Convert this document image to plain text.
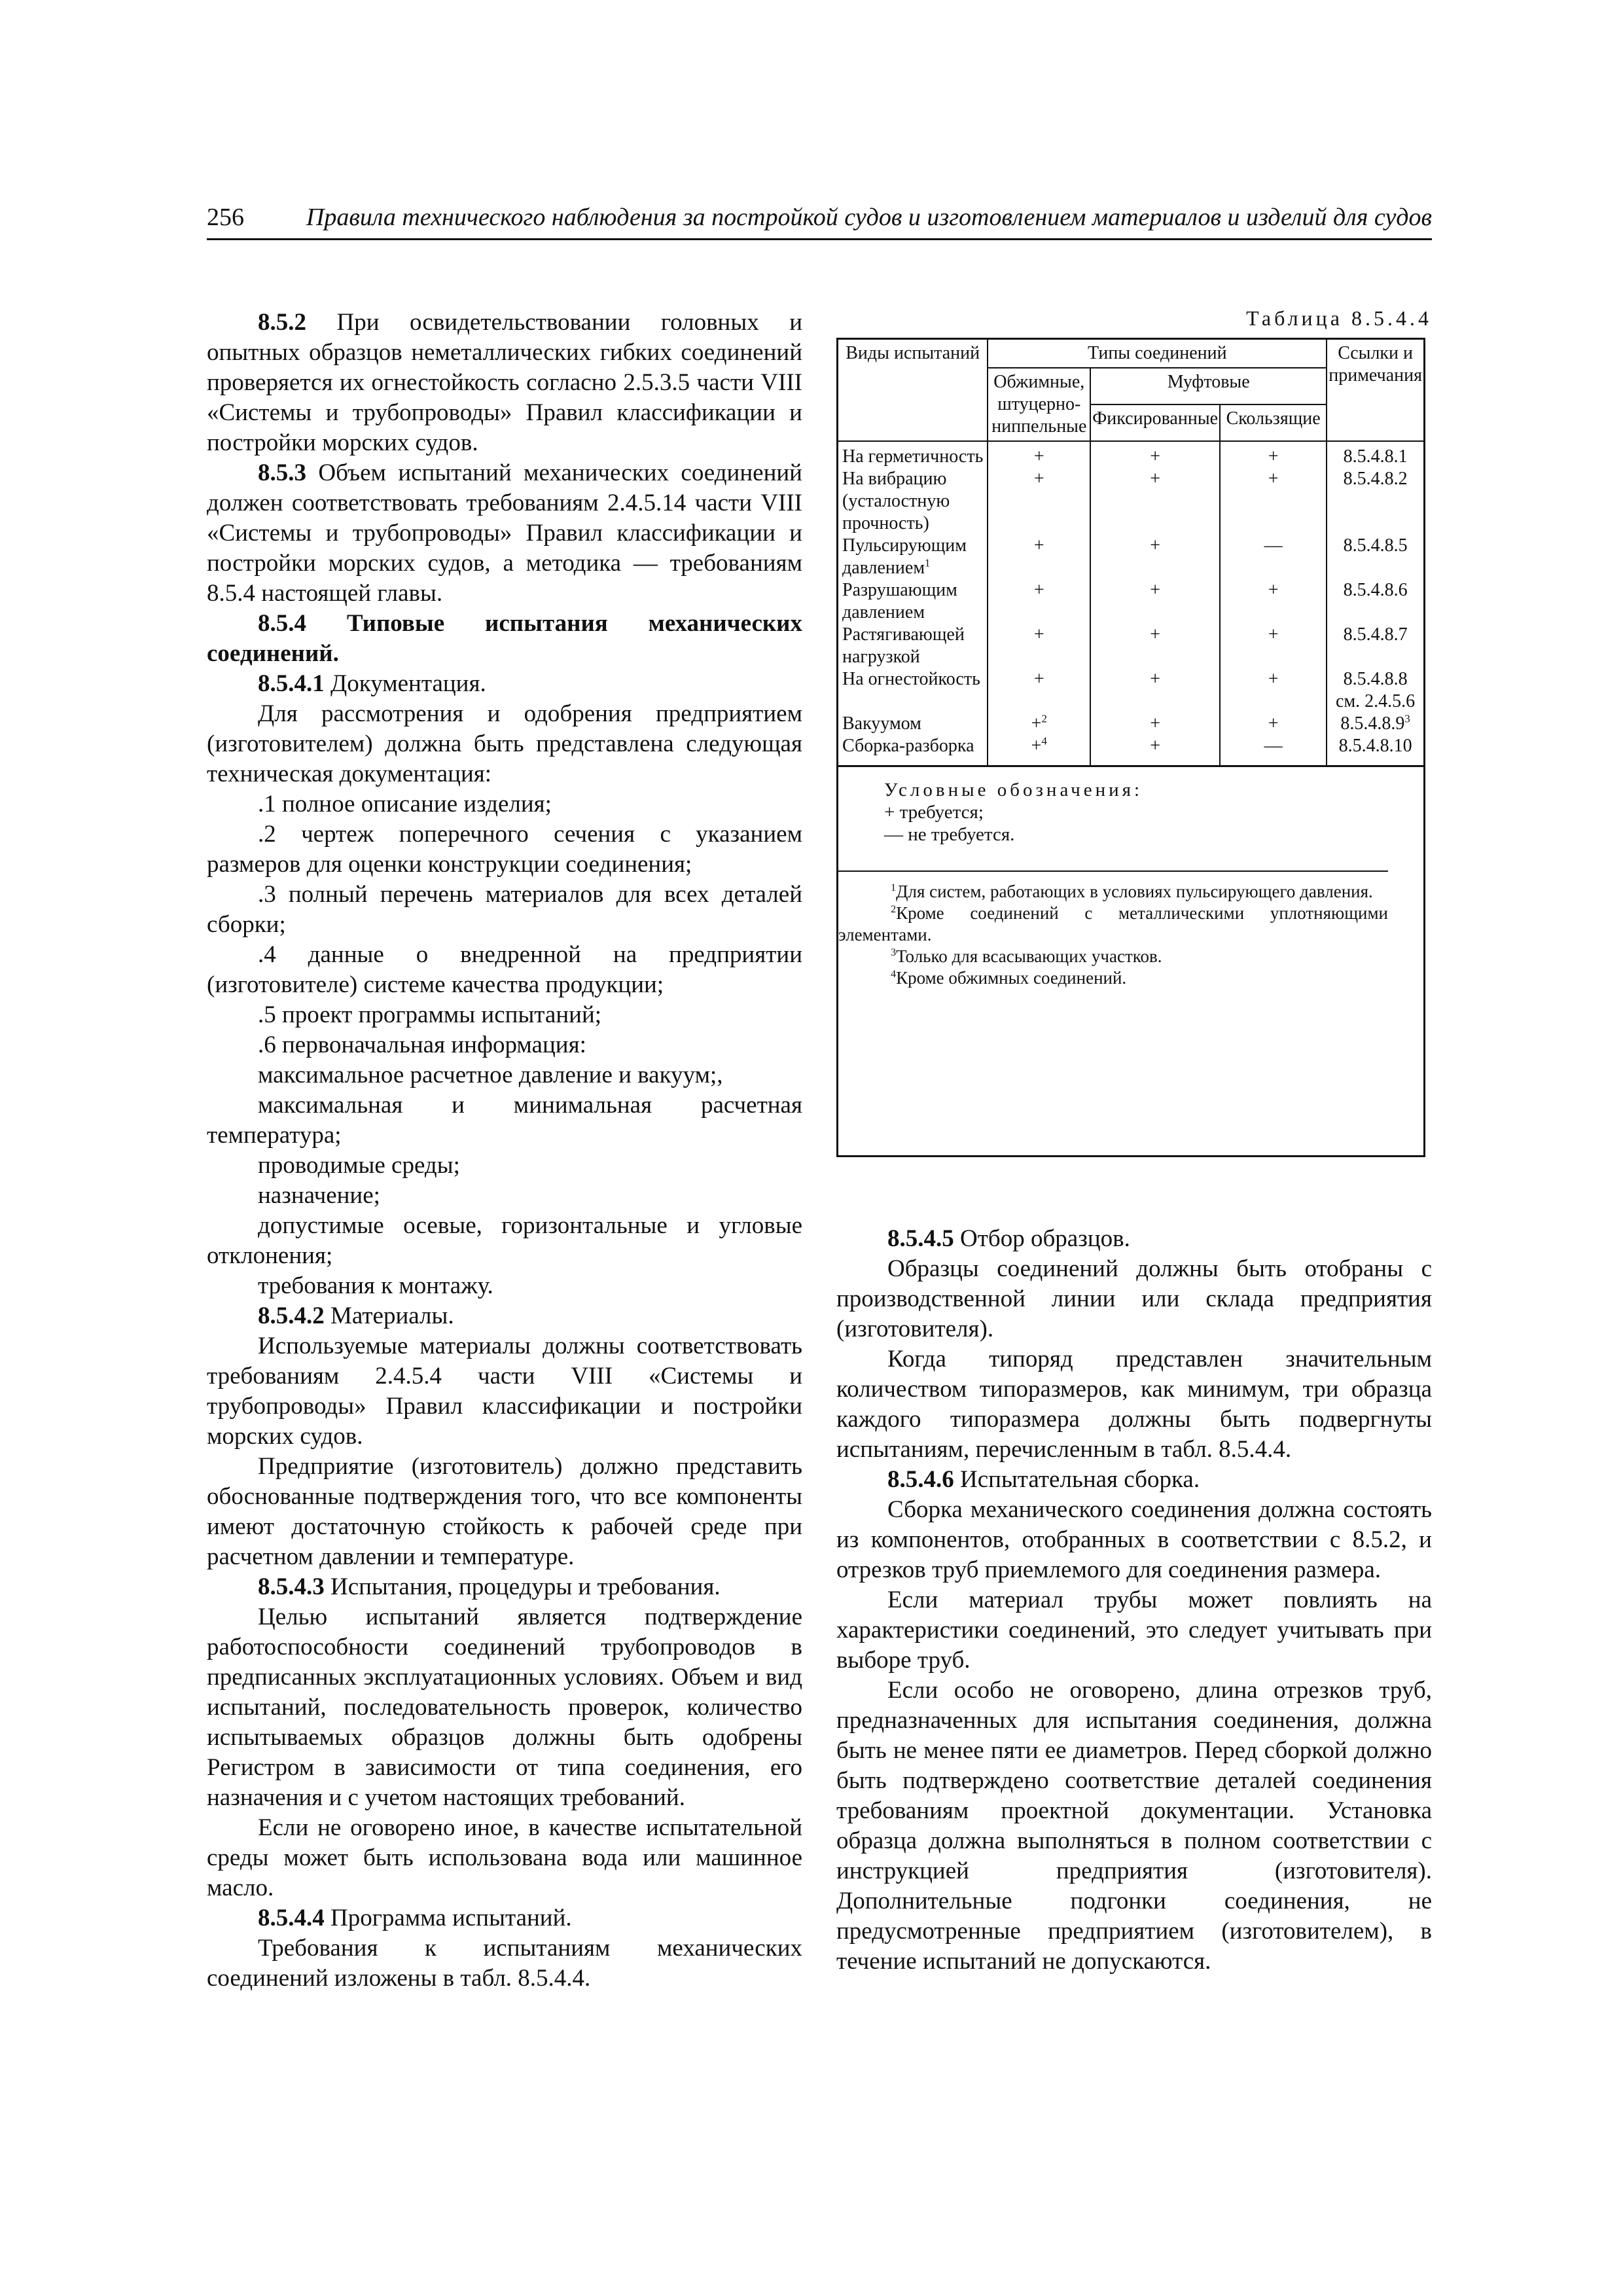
256 Правила технического наблюдения за постройкой судов и изготовлением материалов и изделий для судов

8.5.2 При освидетельствовании головных и опытных образцов неметаллических гибких соединений проверяется их огнестойкость согласно 2.5.3.5 части VIII «Системы и трубопроводы» Правил классификации и постройки морских судов.

8.5.3 Объем испытаний механических соединений должен соответствовать требованиям 2.4.5.14 части VIII «Системы и трубопроводы» Правил классификации и постройки морских судов, а методика — требованиям 8.5.4 настоящей главы.

8.5.4 Типовые испытания механических соединений.

8.5.4.1 Документация.

Для рассмотрения и одобрения предприятием (изготовителем) должна быть представлена следующая техническая документация:

.1 полное описание изделия;

.2 чертеж поперечного сечения с указанием размеров для оценки конструкции соединения;

.3 полный перечень материалов для всех деталей сборки;

.4 данные о внедренной на предприятии (изготовителе) системе качества продукции;

.5 проект программы испытаний;

.6 первоначальная информация:

максимальное расчетное давление и вакуум;,

максимальная и минимальная расчетная температура;

проводимые среды;

назначение;

допустимые осевые, горизонтальные и угловые отклонения;

требования к монтажу.

8.5.4.2 Материалы.

Используемые материалы должны соответствовать требованиям 2.4.5.4 части VIII «Системы и трубопроводы» Правил классификации и постройки морских судов.

Предприятие (изготовитель) должно представить обоснованные подтверждения того, что все компоненты имеют достаточную стойкость к рабочей среде при расчетном давлении и температуре.

8.5.4.3 Испытания, процедуры и требования.

Целью испытаний является подтверждение работоспособности соединений трубопроводов в предписанных эксплуатационных условиях. Объем и вид испытаний, последовательность проверок, количество испытываемых образцов должны быть одобрены Регистром в зависимости от типа соединения, его назначения и с учетом настоящих требований.

Если не оговорено иное, в качестве испытательной среды может быть использована вода или машинное масло.

8.5.4.4 Программа испытаний.

Требования к испытаниям механических соединений изложены в табл. 8.5.4.4.

Таблица 8.5.4.4
Виды испытаний	Типы соединений			Ссылки и примечания
	Обжимные, штуцерно-ниппельные	Муфтовые		
		Фиксированные	Скользящие	
На герметичность	+	+	+	8.5.4.8.1
На вибрацию (усталостную прочность)	+	+	+	8.5.4.8.2
Пульсирующим давлением$^1$	+	+	—	8.5.4.8.5
Разрушающим давлением	+	+	+	8.5.4.8.6
Растягивающей нагрузкой	+	+	+	8.5.4.8.7
На огнестойкость	+	+	+	8.5.4.8.8
см. 2.4.5.6

Вакуумом	+$^2$	+	+	$8.5.4.8.9^3$
Сборка-разборка	+$^4$	+	—	8.5.4.8.10
Условные обозначения:
+ требуется;
— не требуется.
$^1$Для систем, работающих в условиях пульсирующего давления.
$^2$Кроме соединений с металлическими уплотняющими элементами.
$^3$Только для всасывающих участков.
$^4$Кроме обжимных соединений.

8.5.4.5 Отбор образцов.

Образцы соединений должны быть отобраны с производственной линии или склада предприятия (изготовителя).

Когда типоряд представлен значительным количеством типоразмеров, как минимум, три образца каждого типоразмера должны быть подвергнуты испытаниям, перечисленным в табл. 8.5.4.4.

8.5.4.6 Испытательная сборка.

Сборка механического соединения должна состоять из компонентов, отобранных в соответствии с 8.5.2, и отрезков труб приемлемого для соединения размера.

Если материал трубы может повлиять на характеристики соединений, это следует учитывать при выборе труб.

Если особо не оговорено, длина отрезков труб, предназначенных для испытания соединения, должна быть не менее пяти ее диаметров. Перед сборкой должно быть подтверждено соответствие деталей соединения требованиям проектной документации. Установка образца должна выполняться в полном соответствии с инструкцией предприятия (изготовителя). Дополнительные подгонки соединения, не предусмотренные предприятием (изготовителем), в течение испытаний не допускаются.
